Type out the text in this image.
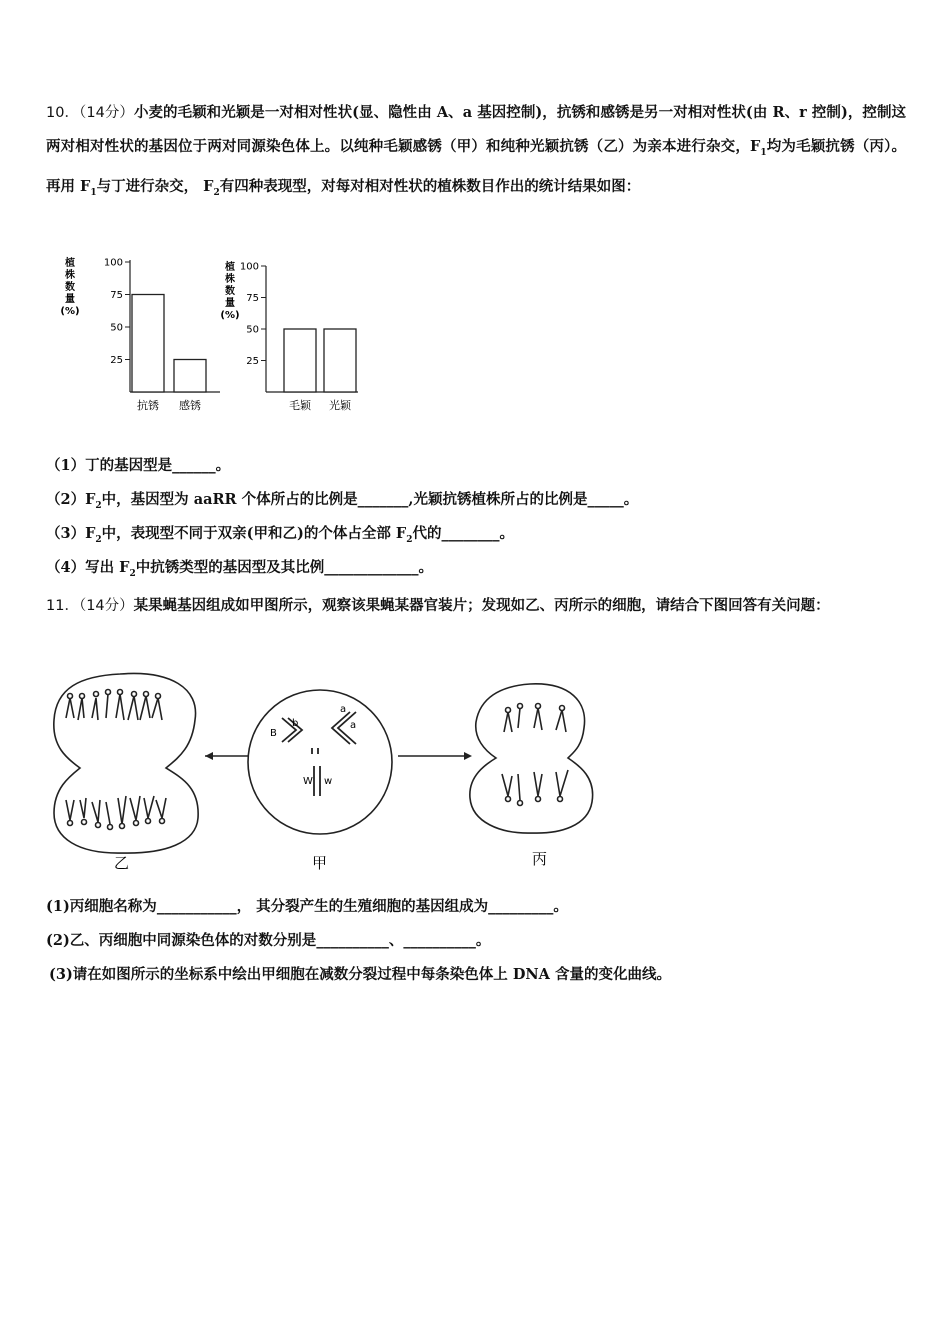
10．（14分）小麦的毛颖和光颖是一对相对性状(显、隐性由 A、a 基因控制)，抗锈和感锈是另一对相对性状(由 R、r 控制)，控制这两对相对性状的基因位于两对同源染色体上。以纯种毛颖感锈（甲）和纯种光颖抗锈（乙）为亲本进行杂交，$F_1$均为毛颖抗锈（丙）。再用 $F_1$与丁进行杂交， $F_2$有四种表现型，对每对相对性状的植株数目作出的统计结果如图：
植
株
数
量
(%)
25
50
75
100
抗锈 感锈
植
株
数
量
(%)
25
50
75
100
毛颖 光颖
（1）丁的基因型是______。
$(2)F_2$中，基因型为 aaRR 个体所占的比例是_______,光颖抗锈植株所占的比例是_____。
$(3)F_2$中，表现型不同于双亲(甲和乙)的个体占全部 $F_2$代的________。
（4）写出 $F_2$中抗锈类型的基因型及其比例_____________。
11．（14分）某果蝇基因组成如甲图所示，观察该果蝇某器官装片；发现如乙、丙所示的细胞，请结合下图回答有关问题：
B
b
a
a
W w
乙	甲	丙
(1)丙细胞名称为___________， 其分裂产生的生殖细胞的基因组成为_________。
(2)乙、丙细胞中同源染色体的对数分别是__________、__________。
(3)请在如图所示的坐标系中绘出甲细胞在减数分裂过程中每条染色体上 DNA 含量的变化曲线。
